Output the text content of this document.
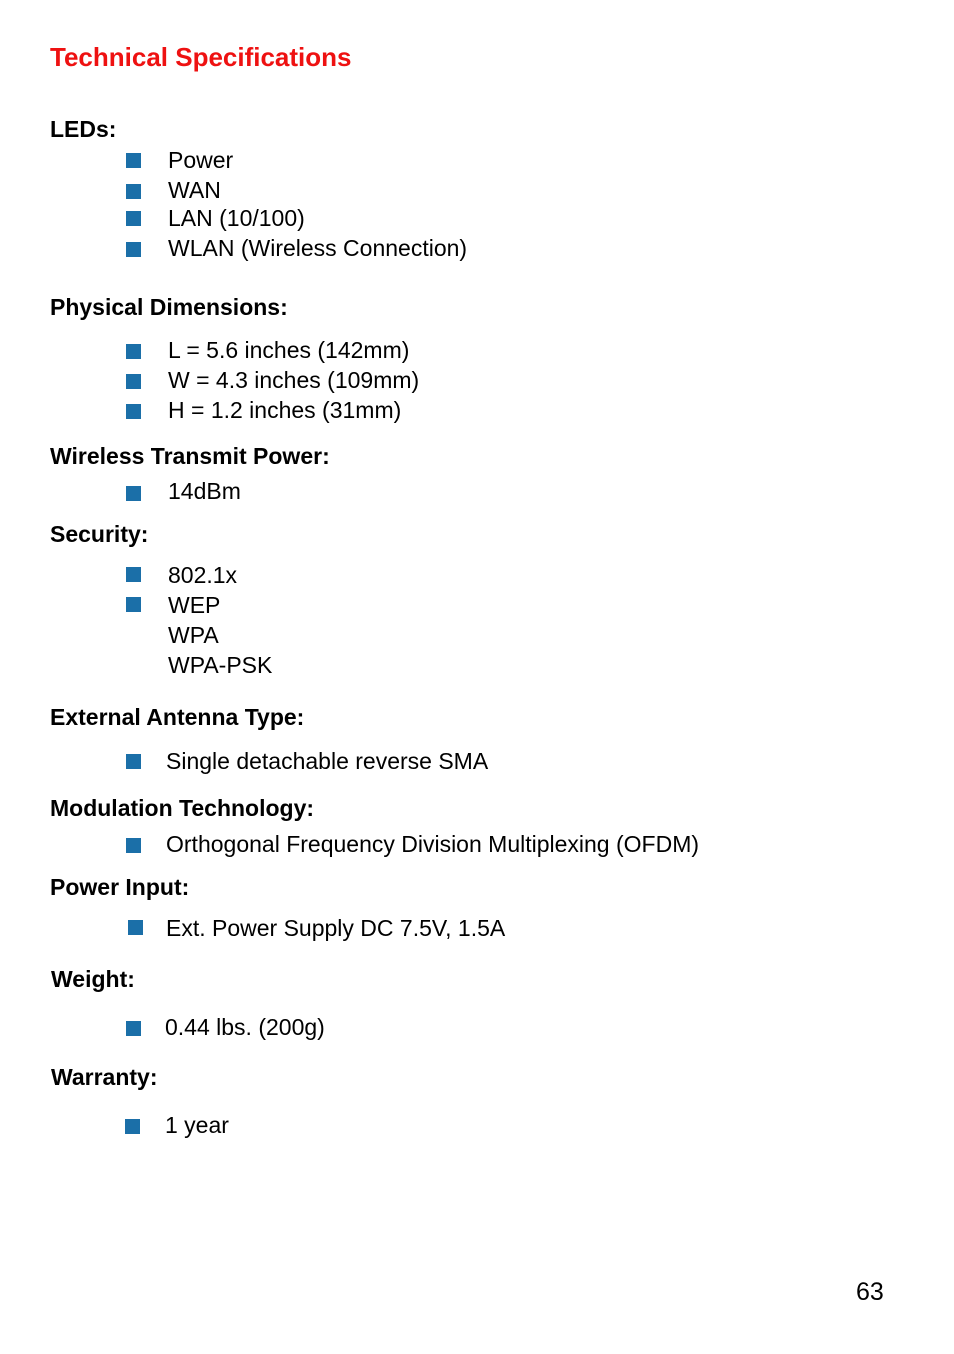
Technical Specifications
LEDs:
Power
WAN
LAN (10/100)
WLAN (Wireless Connection)
Physical Dimensions:
L = 5.6 inches (142mm)
W = 4.3 inches (109mm)
H = 1.2 inches (31mm)
Wireless Transmit Power:
14dBm
Security:
802.1x
WEP
WPA
WPA-PSK
External Antenna Type:
Single detachable reverse SMA
Modulation Technology:
Orthogonal Frequency Division Multiplexing (OFDM)
Power Input:
Ext. Power Supply DC 7.5V, 1.5A
Weight:
0.44 lbs. (200g)
Warranty:
1 year
63
